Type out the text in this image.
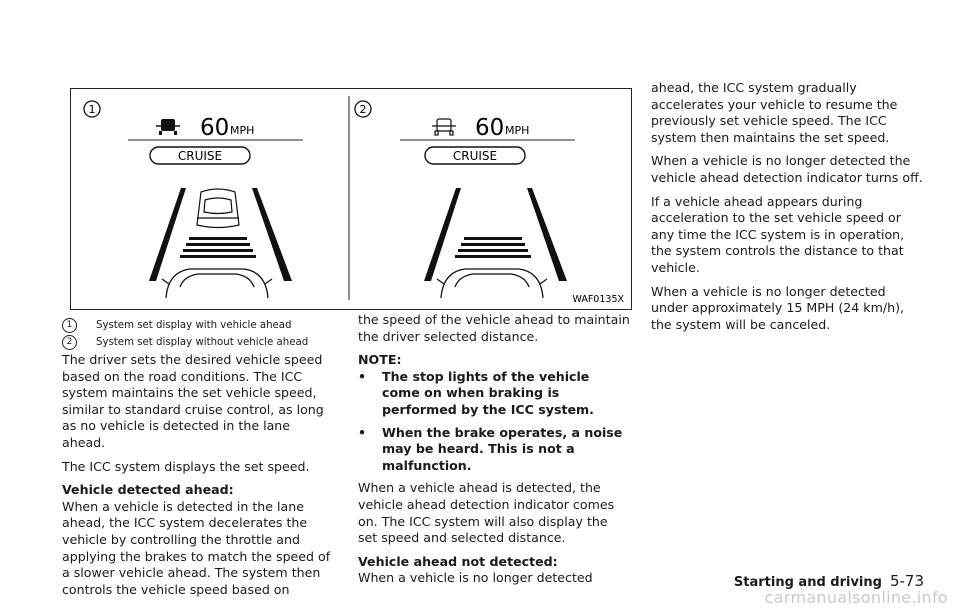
1
60 MPH
CRUISE
2
60 MPH
CRUISE
WAF0135X
1	System set display with vehicle ahead
2	System set display without vehicle ahead

The driver sets the desired vehicle speed based on the road conditions. The ICC system maintains the set vehicle speed, similar to standard cruise control, as long as no vehicle is detected in the lane ahead.

The ICC system displays the set speed.

Vehicle detected ahead:

When a vehicle is detected in the lane ahead, the ICC system decelerates the vehicle by controlling the throttle and applying the brakes to match the speed of a slower vehicle ahead. The system then controls the vehicle speed based on

the speed of the vehicle ahead to maintain the driver selected distance.

NOTE:

•	The stop lights of the vehicle come on when braking is performed by the ICC system.
•	When the brake operates, a noise may be heard. This is not a malfunction.

When a vehicle ahead is detected, the vehicle ahead detection indicator comes on. The ICC system will also display the set speed and selected distance.

Vehicle ahead not detected:

When a vehicle is no longer detected

ahead, the ICC system gradually accelerates your vehicle to resume the previously set vehicle speed. The ICC system then maintains the set speed.

When a vehicle is no longer detected the vehicle ahead detection indicator turns off.

If a vehicle ahead appears during acceleration to the set vehicle speed or any time the ICC system is in operation, the system controls the distance to that vehicle.

When a vehicle is no longer detected under approximately 15 MPH (24 km/h), the system will be canceled.

Starting and driving 5-73
carmanualsonline.info
